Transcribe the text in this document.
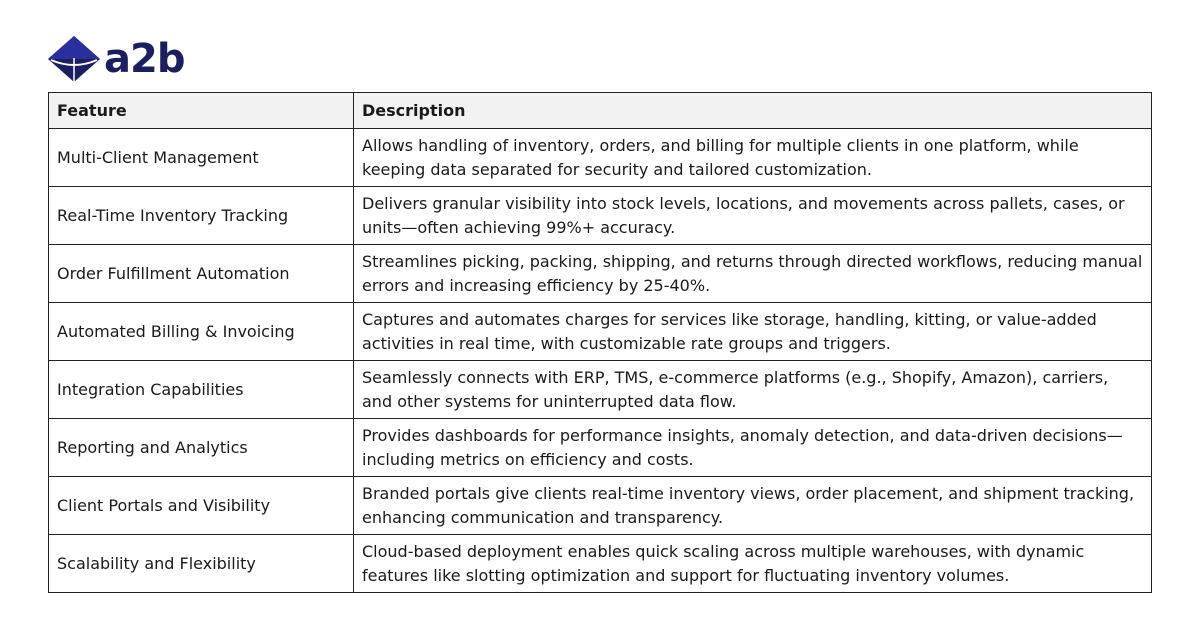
a2b
Feature	Description
Multi-Client Management	Allows handling of inventory, orders, and billing for multiple clients in one platform, while keeping data separated for security and tailored customization.
Real-Time Inventory Tracking	Delivers granular visibility into stock levels, locations, and movements across pallets, cases, or units—often achieving 99%+ accuracy.
Order Fulfillment Automation	Streamlines picking, packing, shipping, and returns through directed workflows, reducing manual errors and increasing efficiency by 25-40%.
Automated Billing & Invoicing	Captures and automates charges for services like storage, handling, kitting, or value-added activities in real time, with customizable rate groups and triggers.
Integration Capabilities	Seamlessly connects with ERP, TMS, e-commerce platforms (e.g., Shopify, Amazon), carriers, and other systems for uninterrupted data flow.
Reporting and Analytics	Provides dashboards for performance insights, anomaly detection, and data-driven decisions—including metrics on efficiency and costs.
Client Portals and Visibility	Branded portals give clients real-time inventory views, order placement, and shipment tracking, enhancing communication and transparency.
Scalability and Flexibility	Cloud-based deployment enables quick scaling across multiple warehouses, with dynamic features like slotting optimization and support for fluctuating inventory volumes.
